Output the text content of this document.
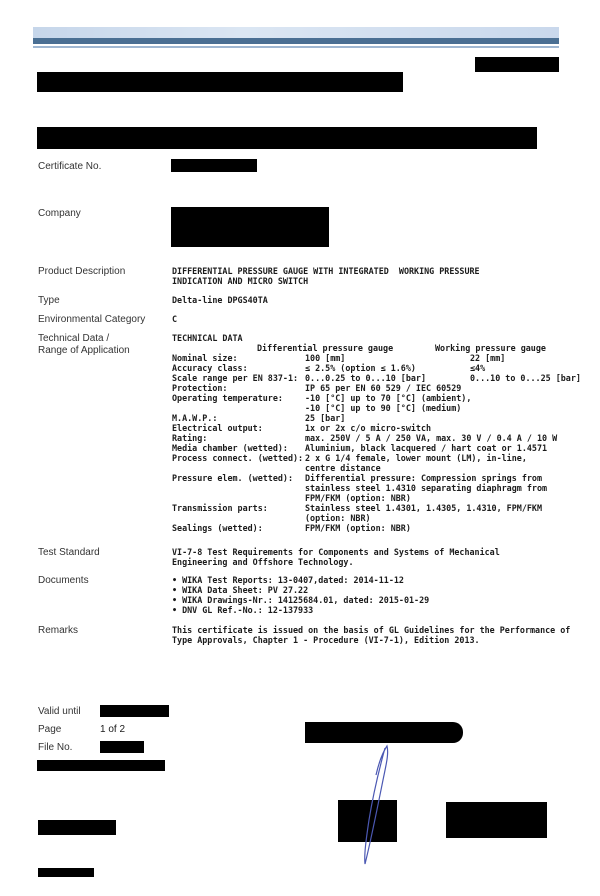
Certificate No.
Company
Product Description	DIFFERENTIAL PRESSURE GAUGE WITH INTEGRATED  WORKING PRESSURE
INDICATION AND MICRO SWITCH
Type	Delta-line DPGS40TA
Environmental Category	C
Technical Data /
Range of Application
TECHNICAL DATA
Differential pressure gauge	Working pressure gauge
Nominal size:	100 [mm]	22 [mm]
Accuracy class:	≤ 2.5% (option ≤ 1.6%)	≤4%
Scale range per EN 837-1: 0...0.25 to 0...10 [bar]	0...10 to 0...25 [bar]
Protection:	IP 65 per EN 60 529 / IEC 60529
Operating temperature:	-10 [°C] up to 70 [°C] (ambient),
-10 [°C] up to 90 [°C] (medium)
M.A.W.P.:	25 [bar]
Electrical output:	1x or 2x c/o micro-switch
Rating:	max. 250V / 5 A / 250 VA, max. 30 V / 0.4 A / 10 W
Media chamber (wetted): Aluminium, black lacquered / hart coat or 1.4571
Process connect. (wetted): 2 x G 1/4 female, lower mount (LM), in-line,
centre distance
Pressure elem. (wetted): Differential pressure: Compression springs from
stainless steel 1.4310 separating diaphragm from
FPM/FKM (option: NBR)
Transmission parts:	Stainless steel 1.4301, 1.4305, 1.4310, FPM/FKM
(option: NBR)
Sealings (wetted):	FPM/FKM (option: NBR)
Test Standard	VI-7-8 Test Requirements for Components and Systems of Mechanical
Engineering and Offshore Technology.
Documents	• WIKA Test Reports: 13-0407,dated: 2014-11-12
• WIKA Data Sheet: PV 27.22
• WIKA Drawings-Nr.: 14125684.01, dated: 2015-01-29
• DNV GL Ref.-No.: 12-137933
Remarks	This certificate is issued on the basis of GL Guidelines for the Performance of
Type Approvals, Chapter 1 - Procedure (VI-7-1), Edition 2013.
Valid until
Page	1 of 2
File No.
